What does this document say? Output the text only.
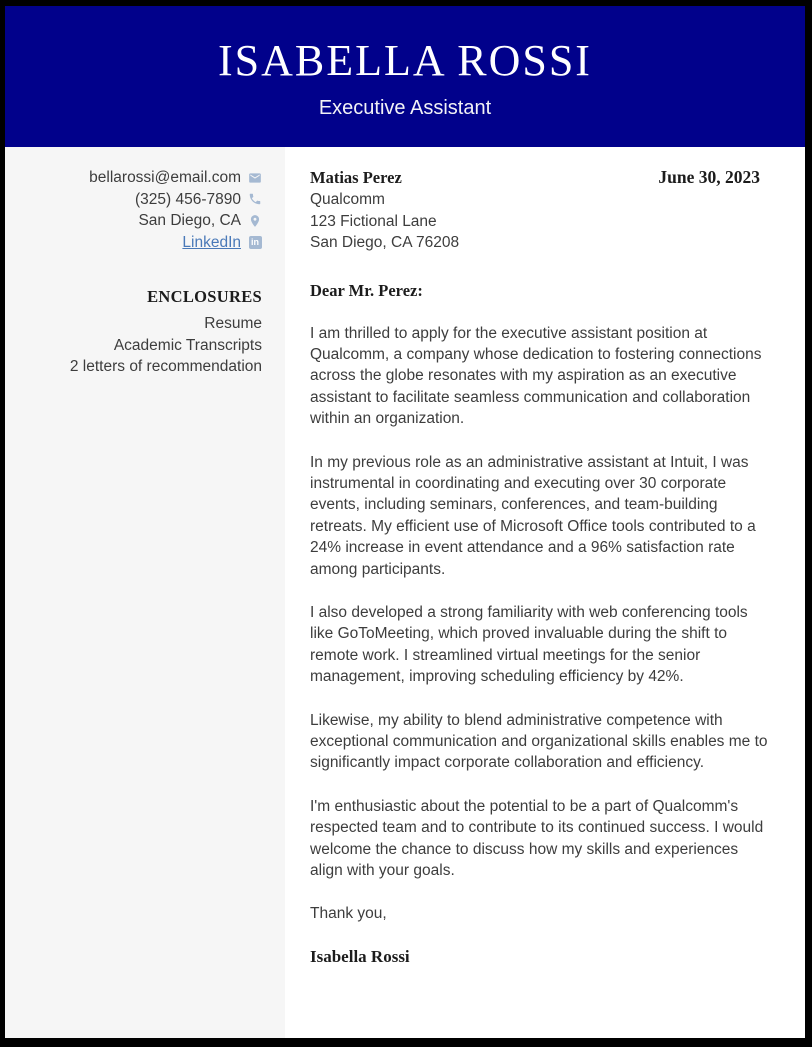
ISABELLA ROSSI
Executive Assistant
bellarossi@email.com
(325) 456-7890
San Diego, CA
LinkedIn in
ENCLOSURES
Resume
Academic Transcripts
2 letters of recommendation
Matias Perez	June 30, 2023
Qualcomm
123 Fictional Lane
San Diego, CA 76208
Dear Mr. Perez:

I am thrilled to apply for the executive assistant position at Qualcomm, a company whose dedication to fostering connections across the globe resonates with my aspiration as an executive assistant to facilitate seamless communication and collaboration within an organization.

In my previous role as an administrative assistant at Intuit, I was instrumental in coordinating and executing over 30 corporate events, including seminars, conferences, and team-building retreats. My efficient use of Microsoft Office tools contributed to a 24% increase in event attendance and a 96% satisfaction rate among participants.

I also developed a strong familiarity with web conferencing tools like GoToMeeting, which proved invaluable during the shift to remote work. I streamlined virtual meetings for the senior management, improving scheduling efficiency by 42%.

Likewise, my ability to blend administrative competence with exceptional communication and organizational skills enables me to significantly impact corporate collaboration and efficiency.

I'm enthusiastic about the potential to be a part of Qualcomm's respected team and to contribute to its continued success. I would welcome the chance to discuss how my skills and experiences align with your goals.

Thank you,
Isabella Rossi
